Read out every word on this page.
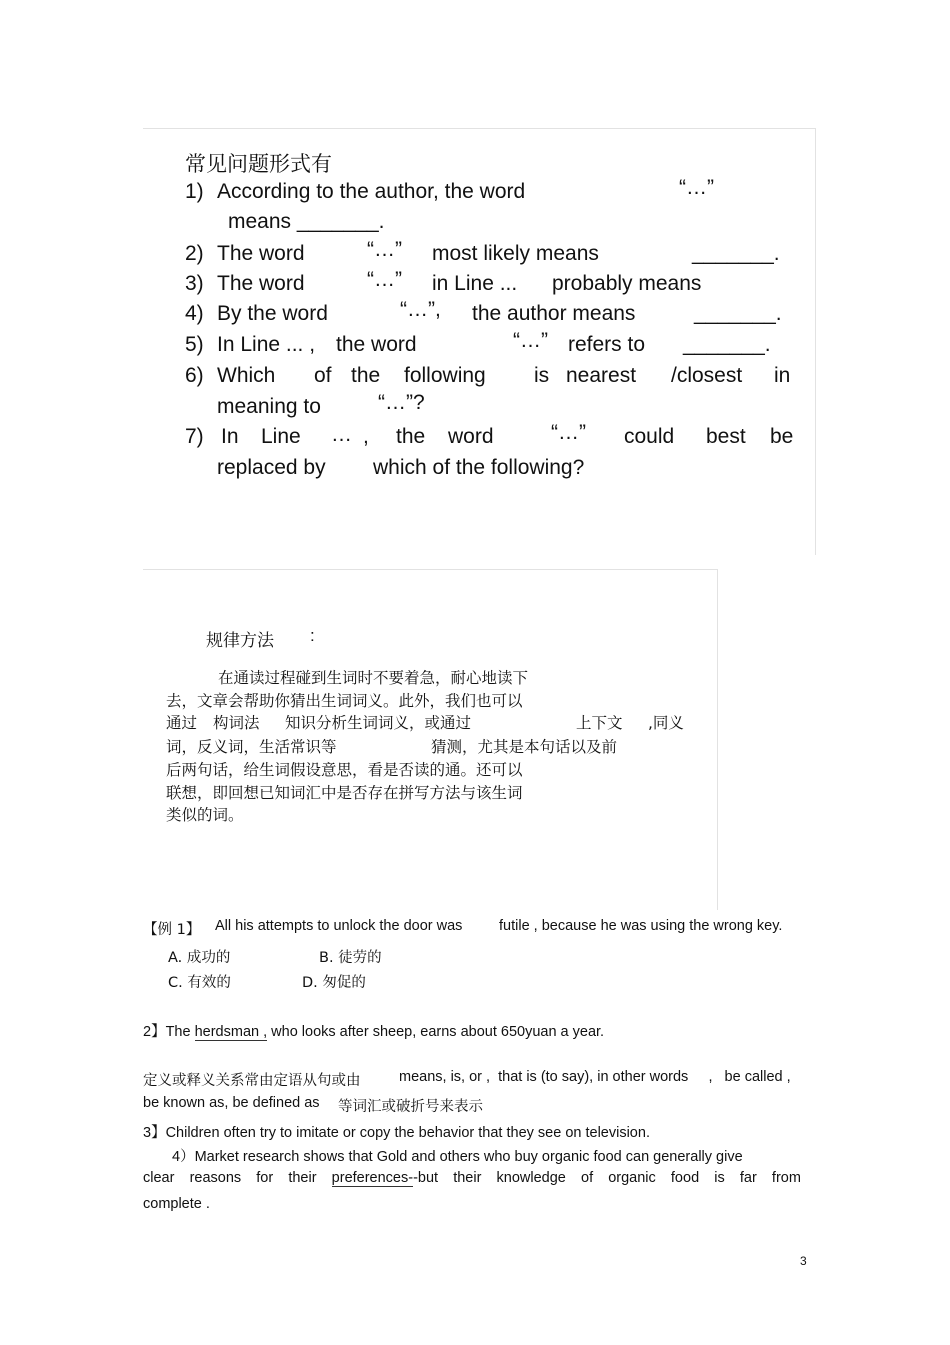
常见问题形式有
1) According to the author, the word	“…”
means _______.
2) The word	“…” most likely means	_______.
3) The word	“…” in Line ... probably means
4) By the word	“…”, the author means	_______.
5) In Line ... , the word	“…” refers to _______.
6) Which of the following is nearest /closest in
meaning to	“…”?
7) In Line … , the word	“…” could best be
replaced by which of the following?
规律方法 :
在通读过程碰到生词时不要着急，耐心地读下
去，文章会帮助你猜出生词词义。此外，我们也可以
通过 构词法 知识分析生词词义，或通过	上下文 ,同义
词，反义词，生活常识等	猜测，尤其是本句话以及前
后两句话，给生词假设意思，看是否读的通。还可以
联想，即回想已知词汇中是否存在拼写方法与该生词
类似的词。
【例 1】 All his attempts to unlock the door was	futile , because he was using the wrong key.
A. 成功的	B. 徒劳的
C. 有效的	D. 匆促的
2】The herdsman , who looks after sheep, earns about 650yuan a year.
定义或释义关系常由定语从句或由	means, is, or ,  that is (to say), in other words     ,   be called ,
be known as, be defined as 等词汇或破折号来表示
3】Children often try to imitate or copy the behavior that they see on television.
4）Market research shows that Gold and others who buy organic food can generally give
clear reasons for their preferences--but their knowledge of organic food is far from
complete .
3
